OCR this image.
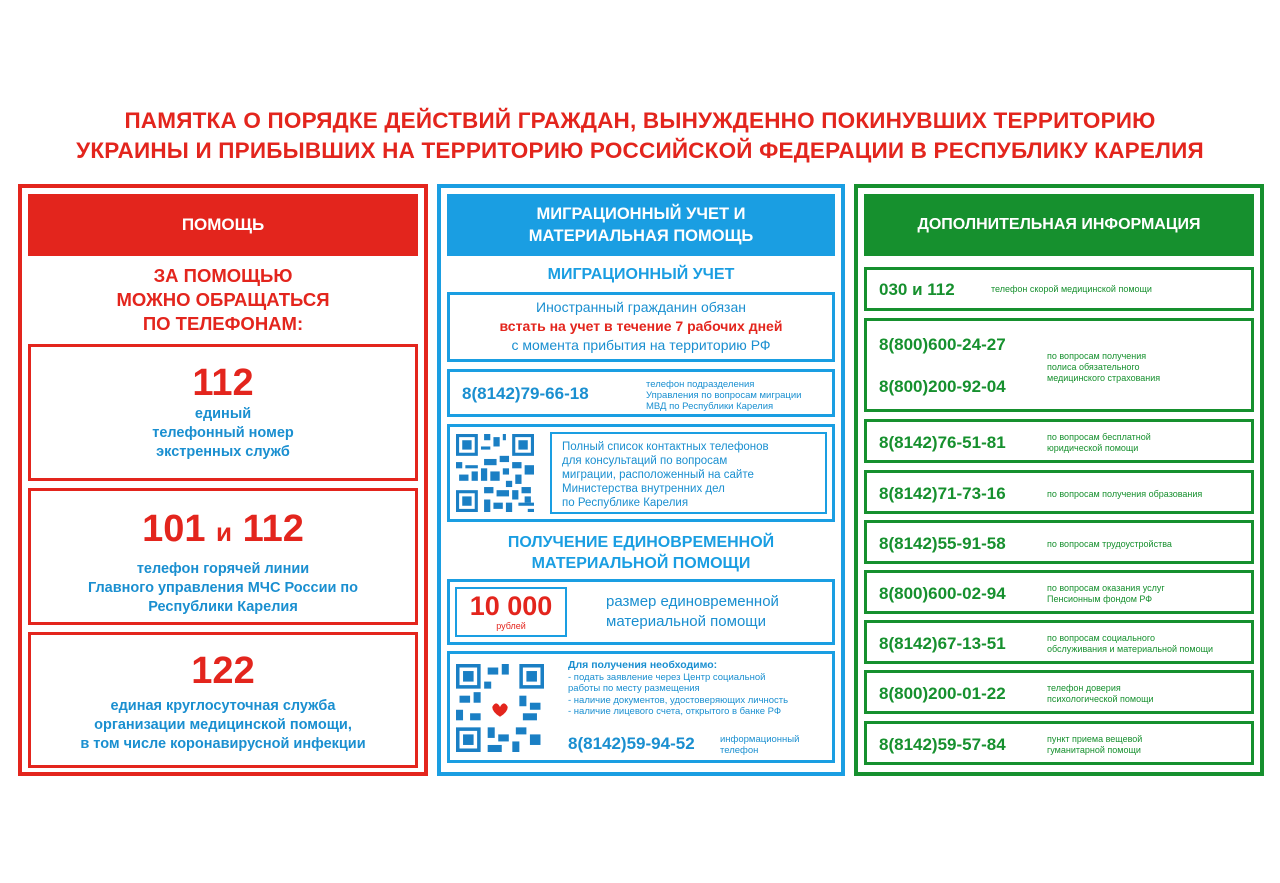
ПАМЯТКА О ПОРЯДКЕ ДЕЙСТВИЙ ГРАЖДАН, ВЫНУЖДЕННО ПОКИНУВШИХ ТЕРРИТОРИЮ
УКРАИНЫ И ПРИБЫВШИХ НА ТЕРРИТОРИЮ РОССИЙСКОЙ ФЕДЕРАЦИИ В РЕСПУБЛИКУ КАРЕЛИЯ
ПОМОЩЬ
ЗА ПОМОЩЬЮ
МОЖНО ОБРАЩАТЬСЯ
ПО ТЕЛЕФОНАМ:
112
единый
телефонный номер
экстренных служб
101 и 112
телефон горячей линии
Главного управления МЧС России по
Республики Карелия
122
единая круглосуточная служба
организации медицинской помощи,
в том числе коронавирусной инфекции
МИГРАЦИОННЫЙ УЧЕТ И
МАТЕРИАЛЬНАЯ ПОМОЩЬ
МИГРАЦИОННЫЙ УЧЕТ
Иностранный гражданин обязан
встать на учет в течение 7 рабочих дней
с момента прибытия на территорию РФ
8(8142)79-66-18	телефон подразделения
Управления по вопросам миграции
МВД по Республики Карелия
Полный список контактных телефонов
для консультаций по вопросам
миграции, расположенный на сайте
Министерства внутренних дел
по Республике Карелия
ПОЛУЧЕНИЕ ЕДИНОВРЕМЕННОЙ
МАТЕРИАЛЬНОЙ ПОМОЩИ
10 000
рублей
размер единовременной
материальной помощи
Для получения необходимо:
- подать заявление через Центр социальной
работы по месту размещения
- наличие документов, удостоверяющих личность
- наличие лицевого счета, открытого в банке РФ
8(8142)59-94-52	информационный
телефон
ДОПОЛНИТЕЛЬНАЯ ИНФОРМАЦИЯ
030 и 112	телефон скорой медицинской помощи
8(800)600-24-27
8(800)200-92-04
по вопросам получения
полиса обязательного
медицинского страхования
8(8142)76-51-81	по вопросам бесплатной
юридической помощи
8(8142)71-73-16	по вопросам получения образования
8(8142)55-91-58	по вопросам трудоустройства
8(800)600-02-94	по вопросам оказания услуг
Пенсионным фондом РФ
8(8142)67-13-51	по вопросам социального
обслуживания и материальной помощи
8(800)200-01-22	телефон доверия
психологической помощи
8(8142)59-57-84	пункт приема вещевой
гуманитарной помощи
